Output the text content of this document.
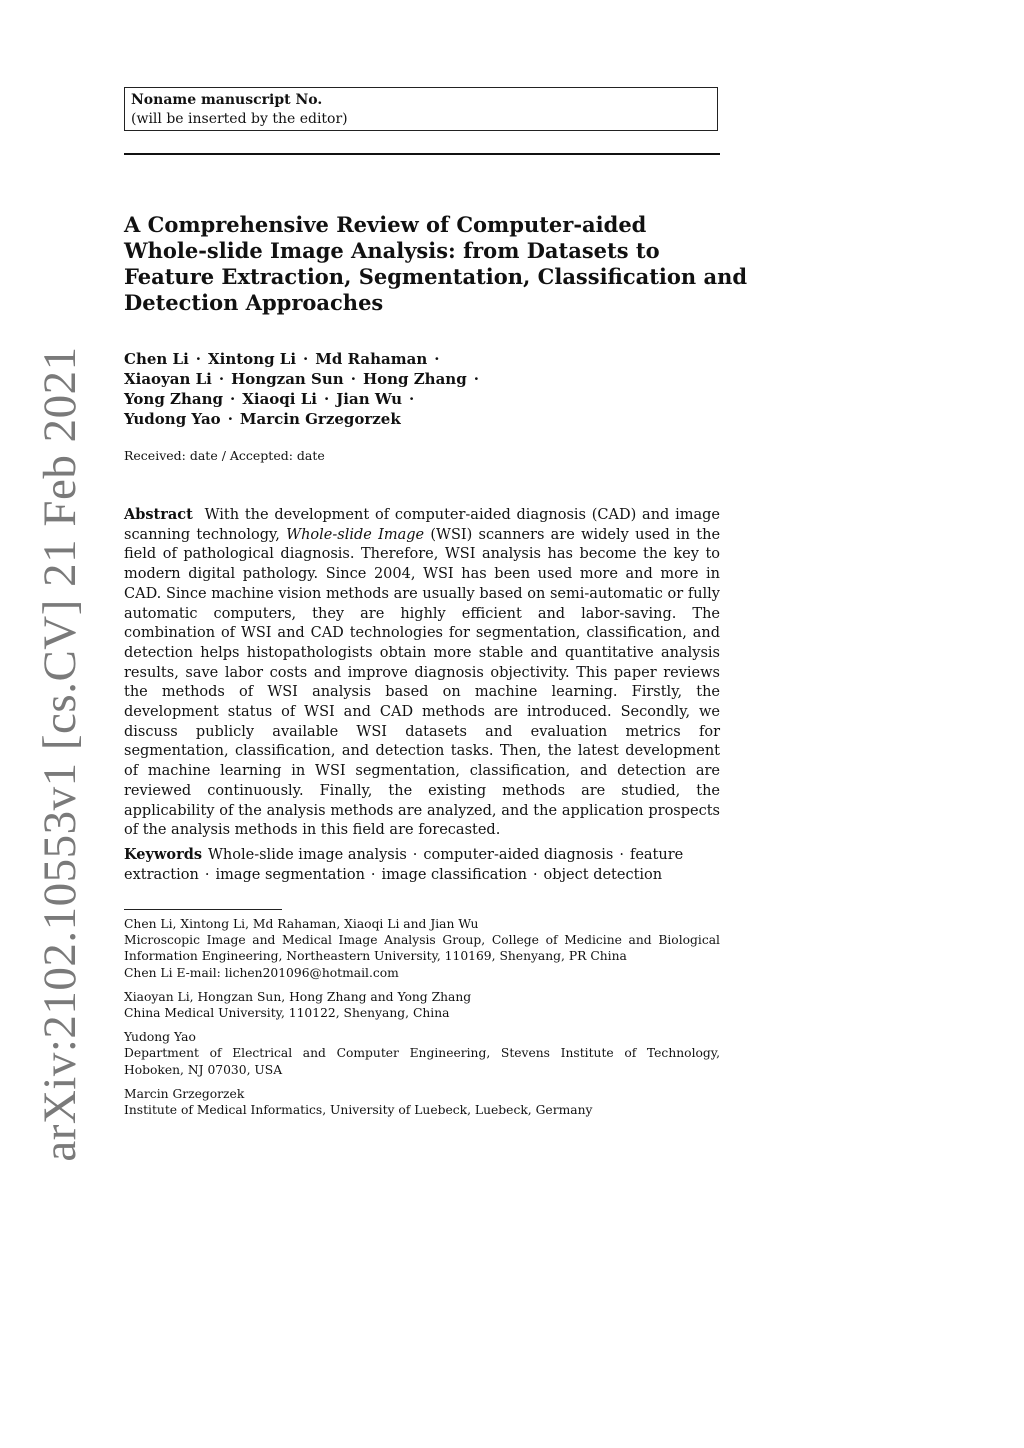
arXiv:2102.10553v1 [cs.CV] 21 Feb 2021
Noname manuscript No.
(will be inserted by the editor)
A Comprehensive Review of Computer-aided
Whole-slide Image Analysis: from Datasets to
Feature Extraction, Segmentation, Classification and
Detection Approaches
Chen Li · Xintong Li · Md Rahaman ·
Xiaoyan Li · Hongzan Sun · Hong Zhang ·
Yong Zhang · Xiaoqi Li · Jian Wu ·
Yudong Yao · Marcin Grzegorzek
Received: date / Accepted: date
Abstract With the development of computer-aided diagnosis (CAD) and image scanning technology, Whole-slide Image (WSI) scanners are widely used in the field of pathological diagnosis. Therefore, WSI analysis has become the key to modern digital pathology. Since 2004, WSI has been used more and more in CAD. Since machine vision methods are usually based on semi-automatic or fully automatic computers, they are highly efficient and labor-saving. The combination of WSI and CAD technologies for segmentation, classification, and detection helps histopathologists obtain more stable and quantitative analysis results, save labor costs and improve diagnosis objectivity. This paper reviews the methods of WSI analysis based on machine learning. Firstly, the development status of WSI and CAD methods are introduced. Secondly, we discuss publicly available WSI datasets and evaluation metrics for segmentation, classification, and detection tasks. Then, the latest development of machine learning in WSI segmentation, classification, and detection are reviewed continuously. Finally, the existing methods are studied, the applicability of the analysis methods are analyzed, and the application prospects of the analysis methods in this field are forecasted.
Keywords Whole-slide image analysis · computer-aided diagnosis · feature extraction · image segmentation · image classification · object detection

Chen Li, Xintong Li, Md Rahaman, Xiaoqi Li and Jian Wu

Microscopic Image and Medical Image Analysis Group, College of Medicine and Biological Information Engineering, Northeastern University, 110169, Shenyang, PR China

Chen Li E-mail: lichen201096@hotmail.com

Xiaoyan Li, Hongzan Sun, Hong Zhang and Yong Zhang

China Medical University, 110122, Shenyang, China

Yudong Yao

Department of Electrical and Computer Engineering, Stevens Institute of Technology, Hoboken, NJ 07030, USA

Marcin Grzegorzek

Institute of Medical Informatics, University of Luebeck, Luebeck, Germany
